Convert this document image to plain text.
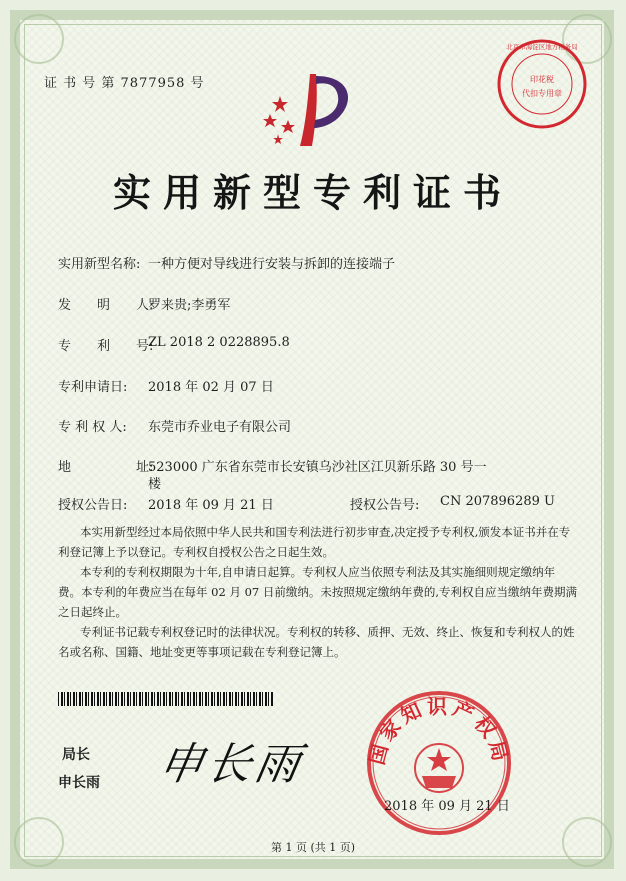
证 书 号 第 7877958 号
北京市海淀区地方税务局
印花税
代扣专用章
实用新型专利证书
实用新型名称: 一种方便对导线进行安装与拆卸的连接端子
发　　明　　人:
罗来贵;李勇军
专　　利　　号:
ZL 2018 2 0228895.8
专利申请日: 2018 年 02 月 07 日
专 利 权 人: 东莞市乔业电子有限公司
地　　　　　址:
523000 广东省东莞市长安镇乌沙社区江贝新乐路 30 号一
楼
授权公告日: 2018 年 09 月 21 日	授权公告号: CN 207896289 U
本实用新型经过本局依照中华人民共和国专利法进行初步审查,决定授予专利权,颁发本证书并在专利登记簿上予以登记。专利权自授权公告之日起生效。
本专利的专利权期限为十年,自申请日起算。专利权人应当依照专利法及其实施细则规定缴纳年费。本专利的年费应当在每年 02 月 07 日前缴纳。未按照规定缴纳年费的,专利权自应当缴纳年费期满之日起终止。
专利证书记载专利权登记时的法律状况。专利权的转移、质押、无效、终止、恢复和专利权人的姓名或名称、国籍、地址变更等事项记载在专利登记簿上。
局长
申长雨 申长雨	国家知识产权局
2018 年 09 月 21 日
第 1 页 (共 1 页)
